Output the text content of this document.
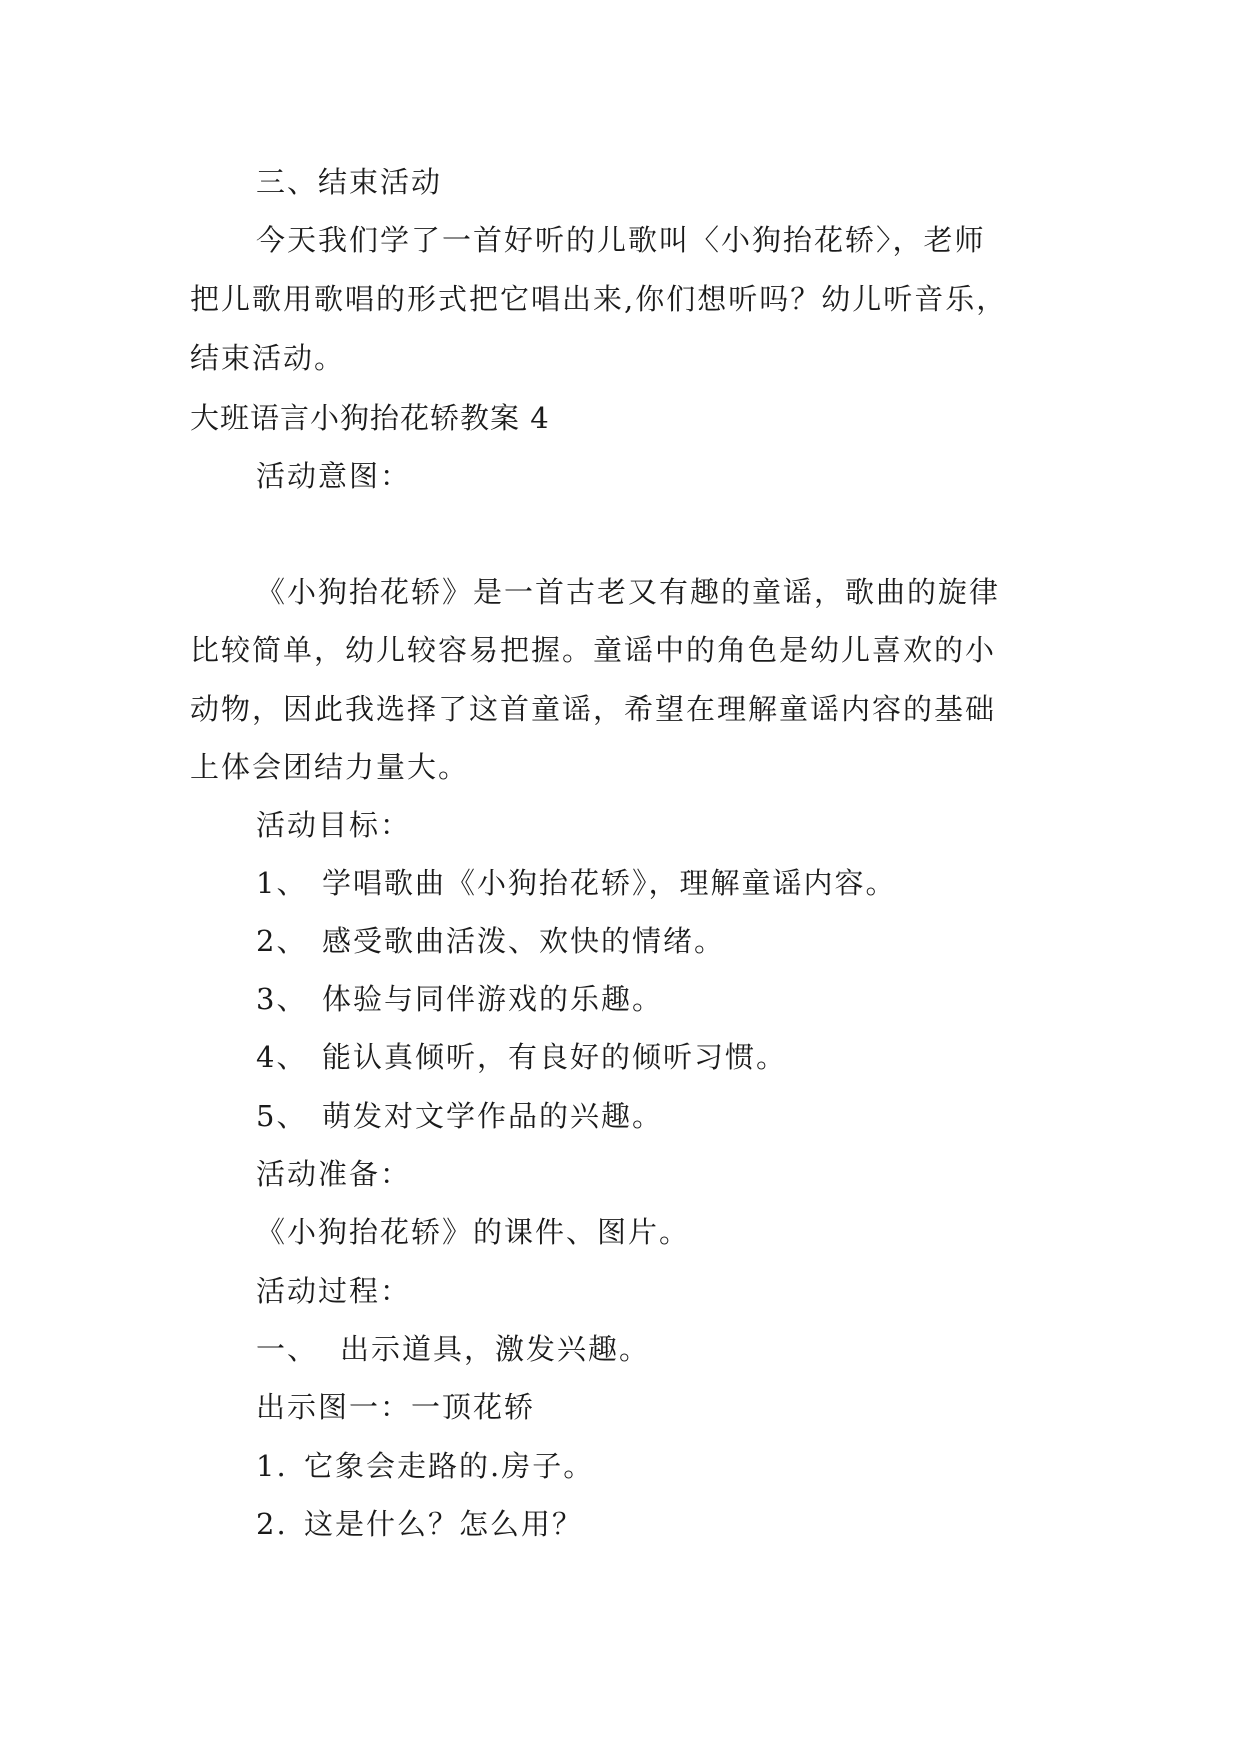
三、结束活动
今天我们学了一首好听的儿歌叫〈小狗抬花轿〉，老师
把儿歌用歌唱的形式把它唱出来,你们想听吗？幼儿听音乐，
结束活动。
大班语言小狗抬花轿教案 4
活动意图：
《小狗抬花轿》是一首古老又有趣的童谣，歌曲的旋律
比较简单，幼儿较容易把握。童谣中的角色是幼儿喜欢的小
动物，因此我选择了这首童谣，希望在理解童谣内容的基础
上体会团结力量大。
活动目标：
1、 学唱歌曲《小狗抬花轿》，理解童谣内容。
2、 感受歌曲活泼、欢快的情绪。
3、 体验与同伴游戏的乐趣。
4、 能认真倾听，有良好的倾听习惯。
5、 萌发对文学作品的兴趣。
活动准备：
《小狗抬花轿》的课件、图片。
活动过程：
一、 出示道具，激发兴趣。
出示图一：一顶花轿
1. 它象会走路的.房子。
2. 这是什么？怎么用？
